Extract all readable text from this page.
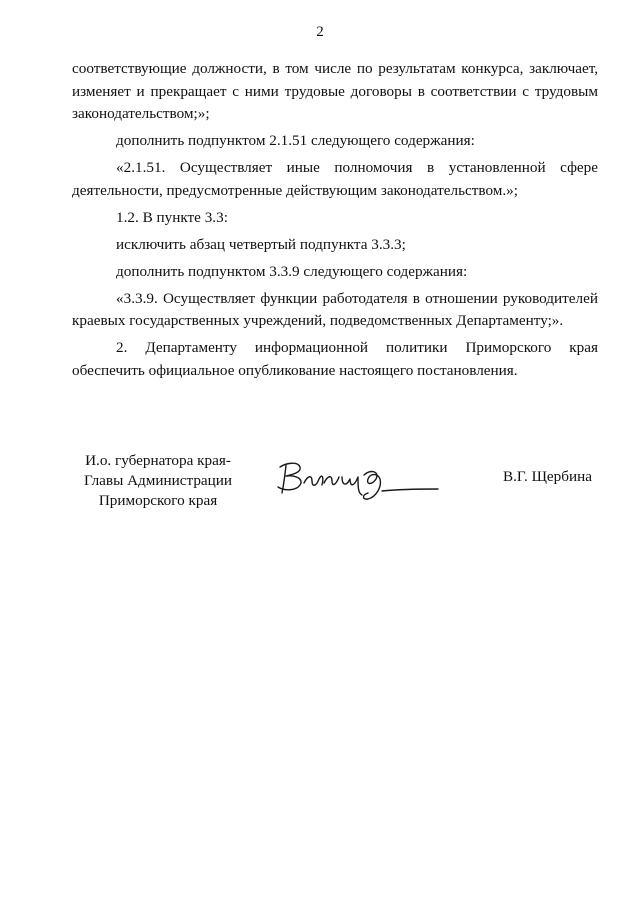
2

соответствующие должности, в том числе по результатам конкурса, заключает, изменяет и прекращает с ними трудовые договоры в соответствии с трудовым законодательством;»;

дополнить подпунктом 2.1.51 следующего содержания:

«2.1.51. Осуществляет иные полномочия в установленной сфере деятельности, предусмотренные действующим законодательством.»;

1.2. В пункте 3.3:

исключить абзац четвертый подпункта 3.3.3;

дополнить подпунктом 3.3.9 следующего содержания:

«3.3.9. Осуществляет функции работодателя в отношении руководителей краевых государственных учреждений, подведомственных Департаменту;».

2. Департаменту информационной политики Приморского края обеспечить официальное опубликование настоящего постановления.

И.о. губернатора края-
Главы Администрации
Приморского края
В.Г. Щербина
